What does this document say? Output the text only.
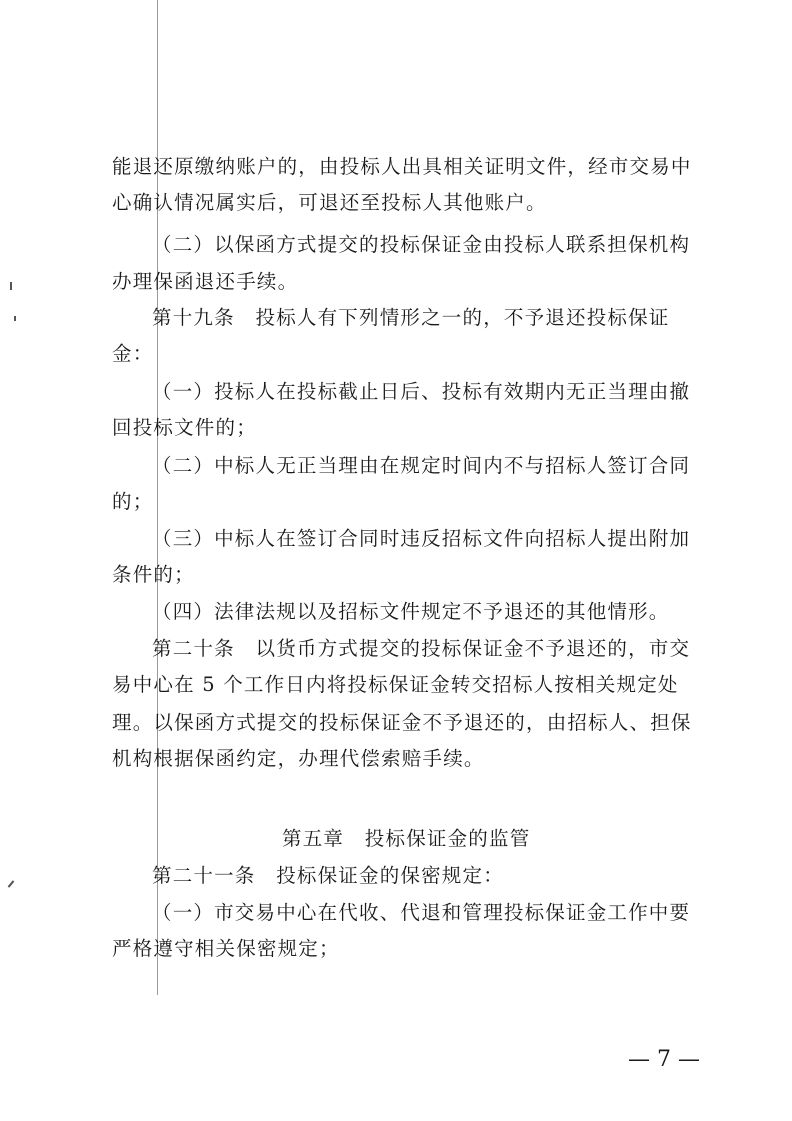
能退还原缴纳账户的，由投标人出具相关证明文件，经市交易中
心确认情况属实后，可退还至投标人其他账户。
（二）以保函方式提交的投标保证金由投标人联系担保机构
办理保函退还手续。
第十九条　投标人有下列情形之一的，不予退还投标保证
金：
（一）投标人在投标截止日后、投标有效期内无正当理由撤
回投标文件的；
（二）中标人无正当理由在规定时间内不与招标人签订合同
的；
（三）中标人在签订合同时违反招标文件向招标人提出附加
条件的；
（四）法律法规以及招标文件规定不予退还的其他情形。
第二十条　以货币方式提交的投标保证金不予退还的，市交
易中心在 5 个工作日内将投标保证金转交招标人按相关规定处
理。以保函方式提交的投标保证金不予退还的，由招标人、担保
机构根据保函约定，办理代偿索赔手续。
第五章　投标保证金的监管
第二十一条　投标保证金的保密规定：
（一）市交易中心在代收、代退和管理投标保证金工作中要
严格遵守相关保密规定；
— 7 —
